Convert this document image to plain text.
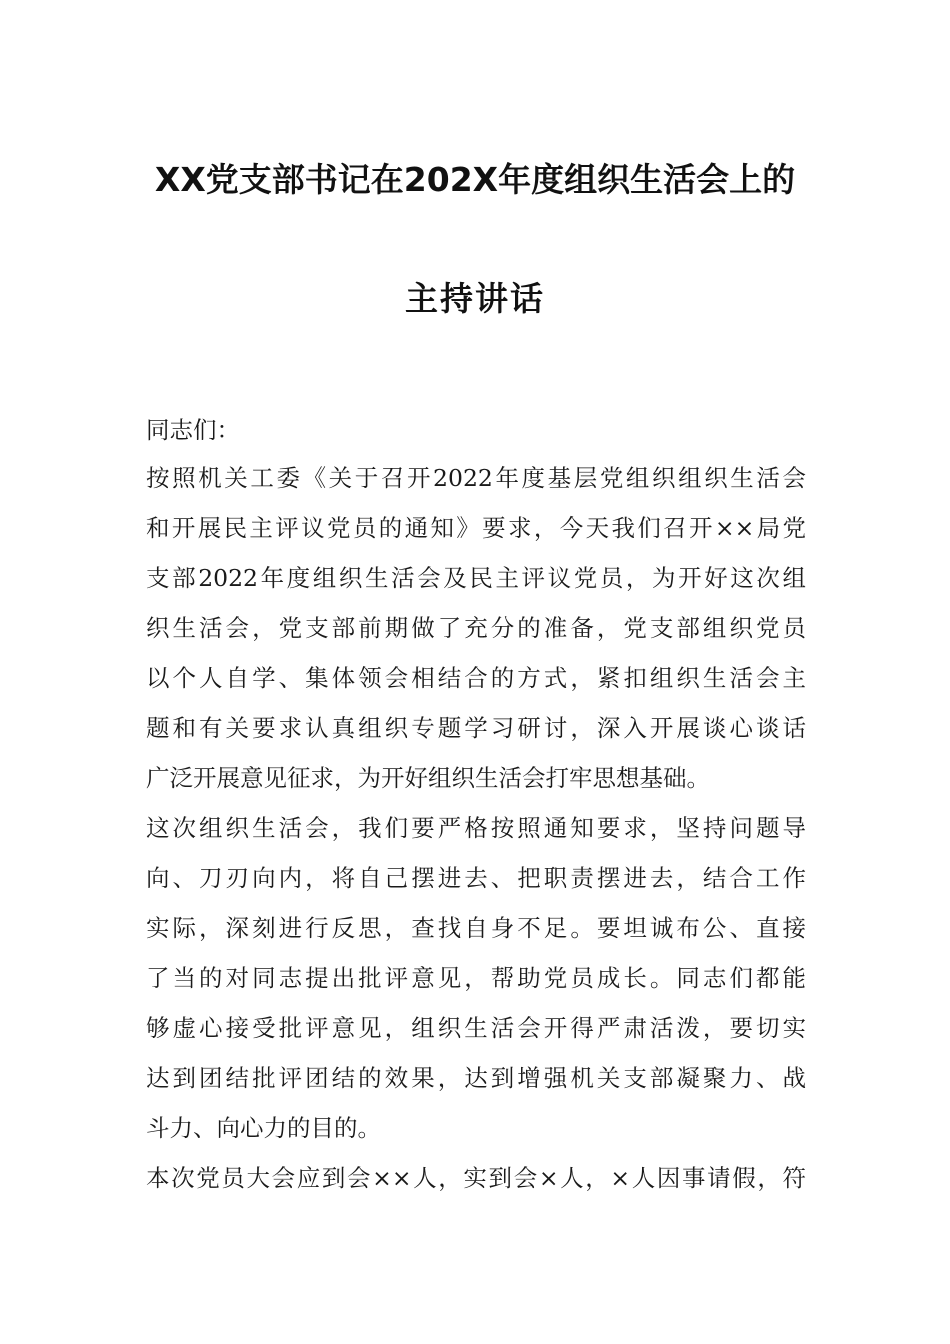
XX党支部书记在202X年度组织生活会上的
主持讲话
同志们：
按照机关工委《关于召开2022年度基层党组织组织生活会
和开展民主评议党员的通知》要求，今天我们召开××局党
支部2022年度组织生活会及民主评议党员，为开好这次组
织生活会，党支部前期做了充分的准备，党支部组织党员
以个人自学、集体领会相结合的方式，紧扣组织生活会主
题和有关要求认真组织专题学习研讨，深入开展谈心谈话
广泛开展意见征求，为开好组织生活会打牢思想基础。
这次组织生活会，我们要严格按照通知要求，坚持问题导
向、刀刃向内，将自己摆进去、把职责摆进去，结合工作
实际，深刻进行反思，查找自身不足。要坦诚布公、直接
了当的对同志提出批评意见，帮助党员成长。同志们都能
够虚心接受批评意见，组织生活会开得严肃活泼，要切实
达到团结批评团结的效果，达到增强机关支部凝聚力、战
斗力、向心力的目的。
本次党员大会应到会××人，实到会×人，×人因事请假，符
